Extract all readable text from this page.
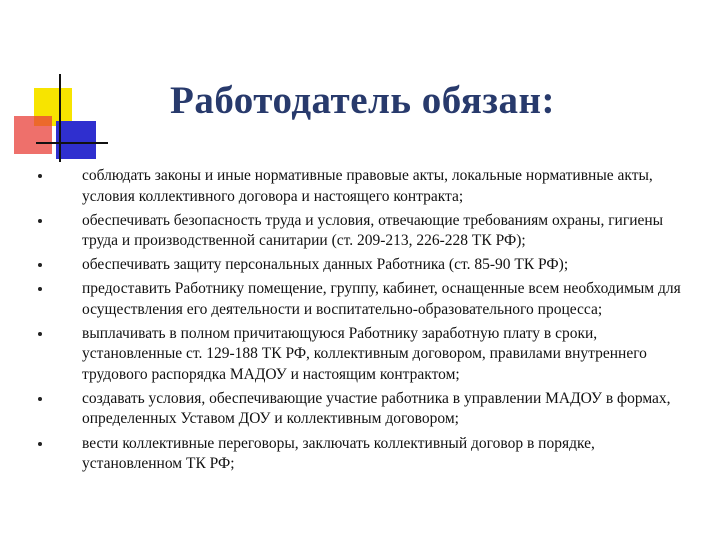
Работодатель обязан:
соблюдать законы и иные нормативные правовые акты, локальные нормативные акты, условия коллективного договора и настоящего контракта;
обеспечивать безопасность труда и условия, отвечающие требованиям охраны, гигиены труда и производственной санитарии (ст. 209-213, 226-228 ТК РФ);
обеспечивать защиту персональных данных Работника (ст. 85-90 ТК РФ);
предоставить Работнику помещение, группу, кабинет, оснащенные всем необходимым для осуществления его деятельности и воспитательно-образовательного процесса;
выплачивать в полном причитающуюся Работнику заработную плату в сроки, установленные ст. 129-188 ТК РФ, коллективным договором, правилами внутреннего трудового распорядка МАДОУ и настоящим контрактом;
создавать условия, обеспечивающие участие работника в управлении МАДОУ в формах, определенных Уставом ДОУ и коллективным договором;
вести коллективные переговоры, заключать коллективный договор в порядке, установленном ТК РФ;
